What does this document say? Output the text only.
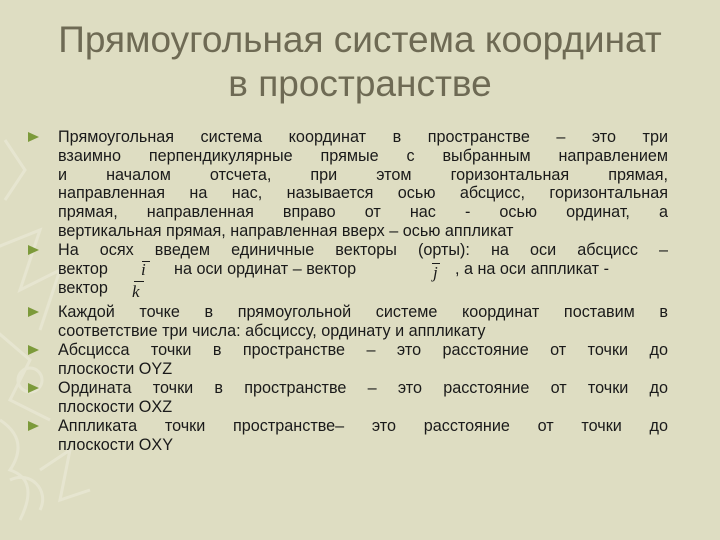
Прямоугольная система координат
в пространстве
Прямоугольная система координат в пространстве – это три
взаимно перпендикулярные прямые с выбранным направлением
и началом отсчета, при этом горизонтальная прямая,
направленная на нас, называется осью абсцисс, горизонтальная
прямая, направленная вправо от нас - осью ординат, а
вертикальная прямая, направленная вверх – осью аппликат
На осях введем единичные векторы (орты): на оси абсцисс –
вектор	на оси ординат – вектор	, а на оси аппликат -
вектор
i	j
k
Каждой точке в прямоугольной системе координат поставим в
соответствие три числа: абсциссу, ординату и аппликату
Абсцисса точки в пространстве – это расстояние от точки до
плоскости OYZ
Ордината точки в пространстве – это расстояние от точки до
плоскости OXZ
Аппликата точки пространстве– это расстояние от точки до
плоскости OXY
